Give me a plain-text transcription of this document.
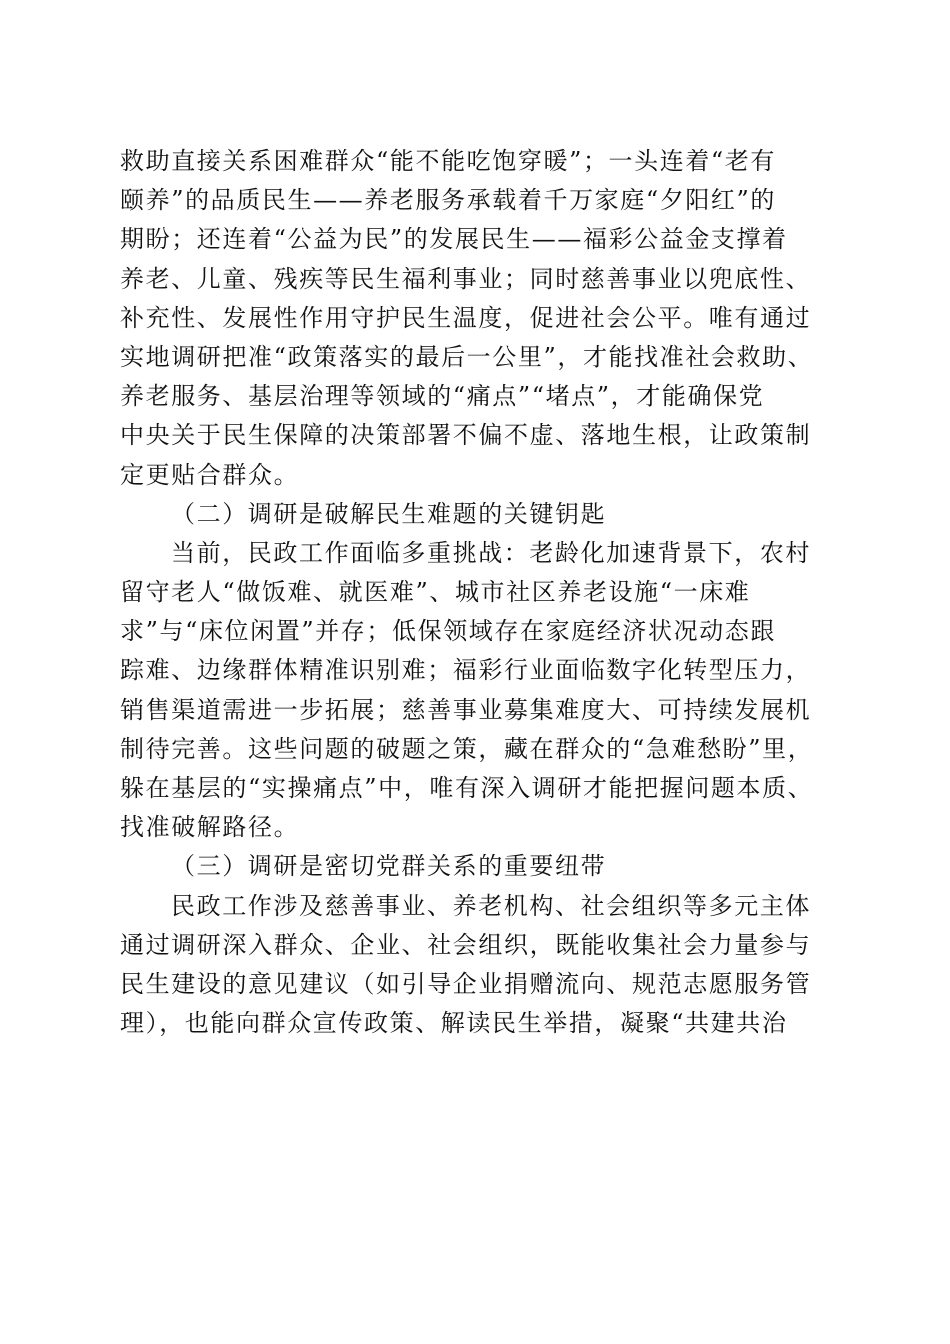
救助直接关系困难群众“能不能吃饱穿暖”；一头连着“老有
颐养”的品质民生——养老服务承载着千万家庭“夕阳红”的
期盼；还连着“公益为民”的发展民生——福彩公益金支撑着
养老、儿童、残疾等民生福利事业；同时慈善事业以兜底性、
补充性、发展性作用守护民生温度，促进社会公平。唯有通过
实地调研把准“政策落实的最后一公里”，才能找准社会救助、
养老服务、基层治理等领域的“痛点”“堵点”，才能确保党
中央关于民生保障的决策部署不偏不虚、落地生根，让政策制
定更贴合群众。
（二）调研是破解民生难题的关键钥匙
当前，民政工作面临多重挑战：老龄化加速背景下，农村
留守老人“做饭难、就医难”、城市社区养老设施“一床难
求”与“床位闲置”并存；低保领域存在家庭经济状况动态跟
踪难、边缘群体精准识别难；福彩行业面临数字化转型压力，
销售渠道需进一步拓展；慈善事业募集难度大、可持续发展机
制待完善。这些问题的破题之策，藏在群众的“急难愁盼”里，
躲在基层的“实操痛点”中，唯有深入调研才能把握问题本质、
找准破解路径。
（三）调研是密切党群关系的重要纽带
民政工作涉及慈善事业、养老机构、社会组织等多元主体
通过调研深入群众、企业、社会组织，既能收集社会力量参与
民生建设的意见建议（如引导企业捐赠流向、规范志愿服务管
理），也能向群众宣传政策、解读民生举措，凝聚“共建共治
